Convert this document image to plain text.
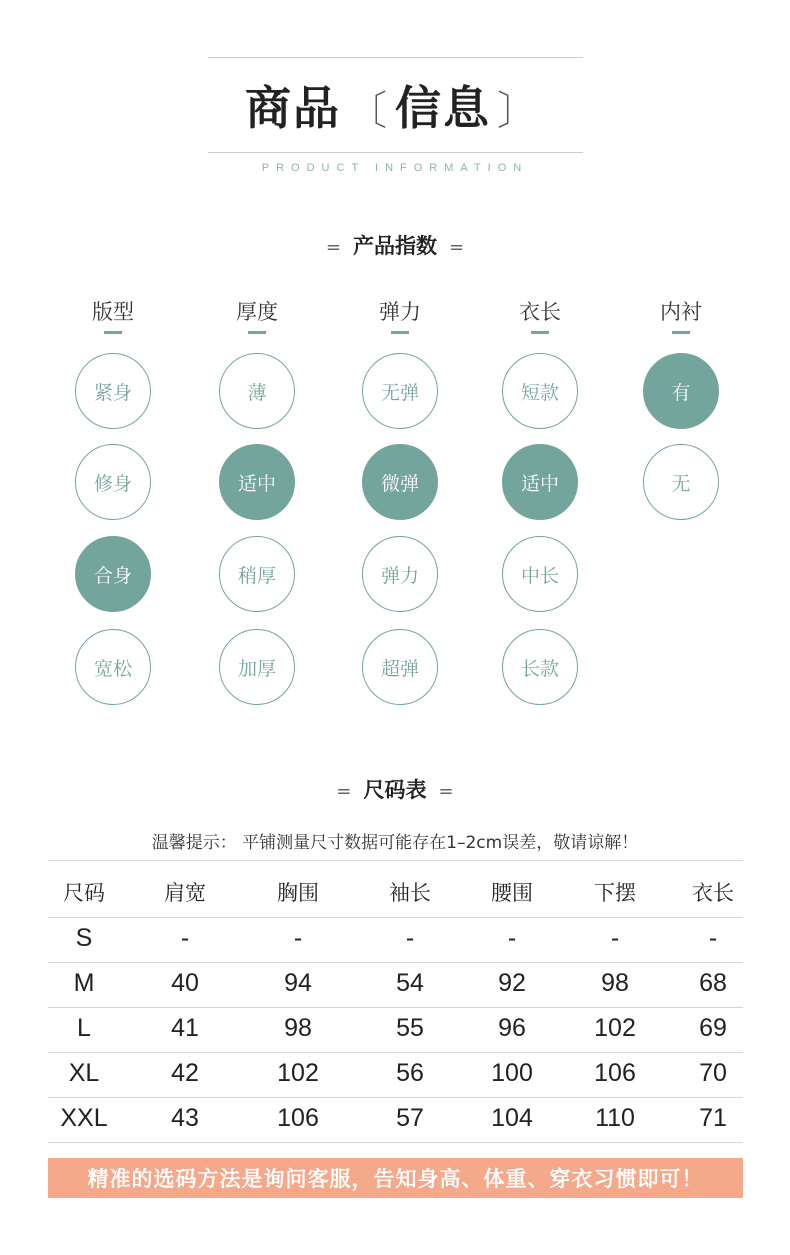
商品 〔 信息 〕
PRODUCT INFORMATION
= 产品指数 =
版型
紧身
修身
合身
宽松
厚度
薄
适中
稍厚
加厚
弹力
无弹
微弹
弹力
超弹
衣长
短款
适中
中长
长款
内衬
有
无
= 尺码表 =
温馨提示： 平铺测量尺寸数据可能存在1–2cm误差，敬请谅解！
尺码	肩宽	胸围	袖长	腰围	下摆	衣长
S	-	-	-	-	-	-
M	40	94	54	92	98	68
L	41	98	55	96	102	69
XL	42	102	56	100	106	70
XXL	43	106	57	104	110	71
精准的选码方法是询问客服，告知身高、体重、穿衣习惯即可！
